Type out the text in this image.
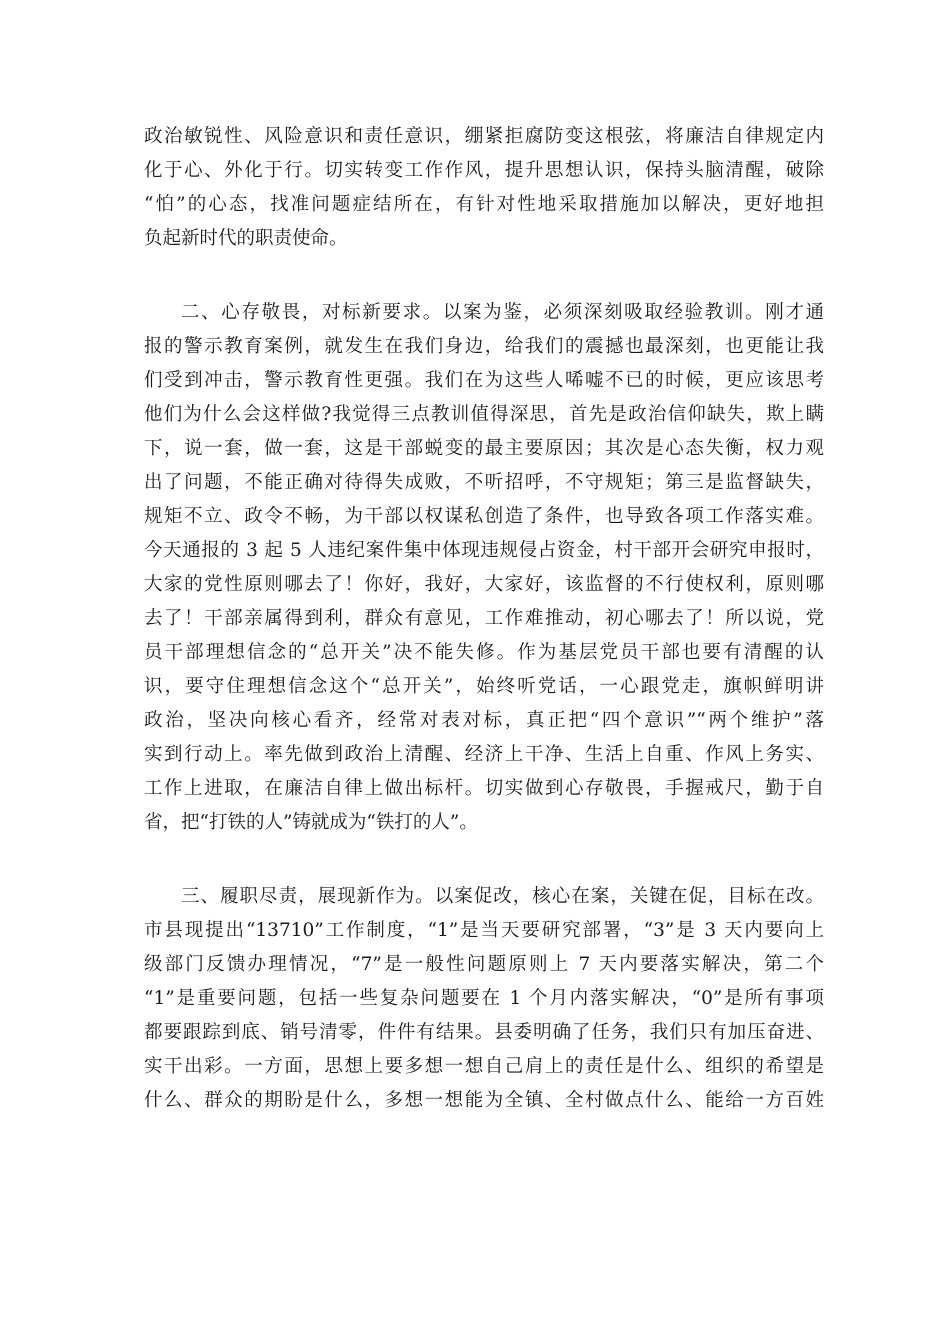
政治敏锐性、风险意识和责任意识，绷紧拒腐防变这根弦，将廉洁自律规定内
化于心、外化于行。切实转变工作作风，提升思想认识，保持头脑清醒，破除
“怕”的心态，找准问题症结所在，有针对性地采取措施加以解决，更好地担
负起新时代的职责使命。
二、心存敬畏，对标新要求。以案为鉴，必须深刻吸取经验教训。刚才通
报的警示教育案例，就发生在我们身边，给我们的震撼也最深刻，也更能让我
们受到冲击，警示教育性更强。我们在为这些人唏嘘不已的时候，更应该思考
他们为什么会这样做?我觉得三点教训值得深思，首先是政治信仰缺失，欺上瞒
下，说一套，做一套，这是干部蜕变的最主要原因；其次是心态失衡，权力观
出了问题，不能正确对待得失成败，不听招呼，不守规矩；第三是监督缺失，
规矩不立、政令不畅，为干部以权谋私创造了条件，也导致各项工作落实难。
今天通报的 3 起 5 人违纪案件集中体现违规侵占资金，村干部开会研究申报时，
大家的党性原则哪去了！你好，我好，大家好，该监督的不行使权利，原则哪
去了！干部亲属得到利，群众有意见，工作难推动，初心哪去了！所以说，党
员干部理想信念的“总开关”决不能失修。作为基层党员干部也要有清醒的认
识，要守住理想信念这个“总开关”，始终听党话，一心跟党走，旗帜鲜明讲
政治，坚决向核心看齐，经常对表对标，真正把“四个意识”“两个维护”落
实到行动上。率先做到政治上清醒、经济上干净、生活上自重、作风上务实、
工作上进取，在廉洁自律上做出标杆。切实做到心存敬畏，手握戒尺，勤于自
省，把“打铁的人”铸就成为“铁打的人”。
三、履职尽责，展现新作为。以案促改，核心在案，关键在促，目标在改。
市县现提出“13710”工作制度，“1”是当天要研究部署，“3”是 3 天内要向上
级部门反馈办理情况，“7”是一般性问题原则上 7 天内要落实解决，第二个
“1”是重要问题，包括一些复杂问题要在 1 个月内落实解决，“0”是所有事项
都要跟踪到底、销号清零，件件有结果。县委明确了任务，我们只有加压奋进、
实干出彩。一方面，思想上要多想一想自己肩上的责任是什么、组织的希望是
什么、群众的期盼是什么，多想一想能为全镇、全村做点什么、能给一方百姓
